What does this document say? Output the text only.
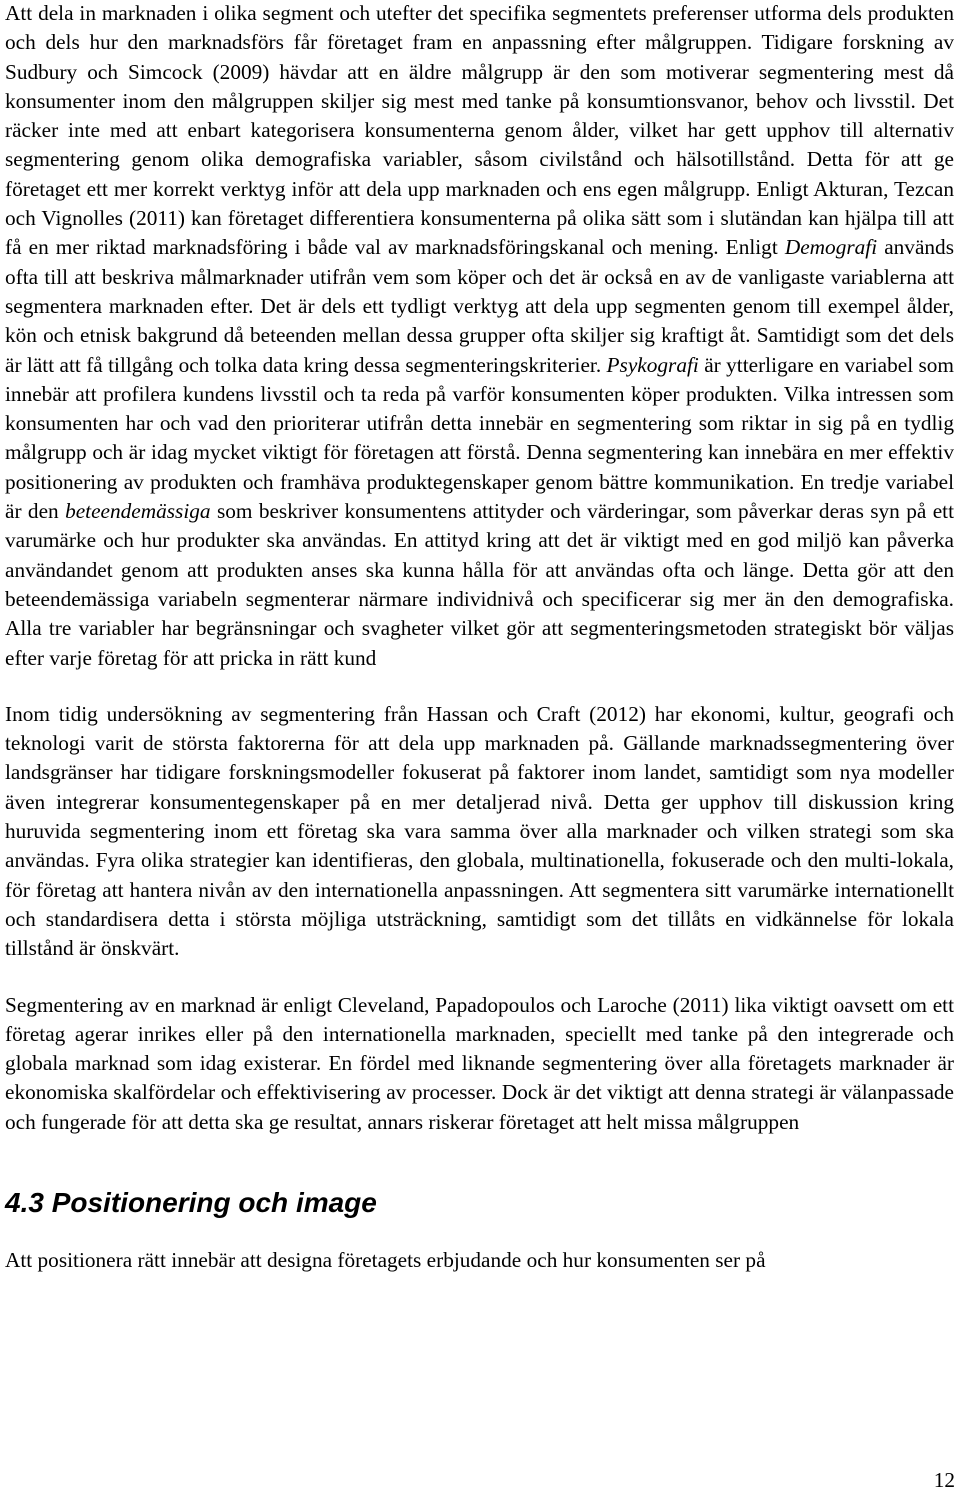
Att dela in marknaden i olika segment och utefter det specifika segmentets preferenser utforma dels produkten och dels hur den marknadsförs får företaget fram en anpassning efter målgruppen. Tidigare forskning av Sudbury och Simcock (2009) hävdar att en äldre målgrupp är den som motiverar segmentering mest då konsumenter inom den målgruppen skiljer sig mest med tanke på konsumtionsvanor, behov och livsstil. Det räcker inte med att enbart kategorisera konsumenterna genom ålder, vilket har gett upphov till alternativ segmentering genom olika demografiska variabler, såsom civilstånd och hälsotillstånd. Detta för att ge företaget ett mer korrekt verktyg inför att dela upp marknaden och ens egen målgrupp. Enligt Akturan, Tezcan och Vignolles (2011) kan företaget differentiera konsumenterna på olika sätt som i slutändan kan hjälpa till att få en mer riktad marknadsföring i både val av marknadsföringskanal och mening. Enligt Demografi används ofta till att beskriva målmarknader utifrån vem som köper och det är också en av de vanligaste variablerna att segmentera marknaden efter. Det är dels ett tydligt verktyg att dela upp segmenten genom till exempel ålder, kön och etnisk bakgrund då beteenden mellan dessa grupper ofta skiljer sig kraftigt åt. Samtidigt som det dels är lätt att få tillgång och tolka data kring dessa segmenteringskriterier. Psykografi är ytterligare en variabel som innebär att profilera kundens livsstil och ta reda på varför konsumenten köper produkten. Vilka intressen som konsumenten har och vad den prioriterar utifrån detta innebär en segmentering som riktar in sig på en tydlig målgrupp och är idag mycket viktigt för företagen att förstå. Denna segmentering kan innebära en mer effektiv positionering av produkten och framhäva produktegenskaper genom bättre kommunikation. En tredje variabel är den beteendemässiga som beskriver konsumentens attityder och värderingar, som påverkar deras syn på ett varumärke och hur produkter ska användas. En attityd kring att det är viktigt med en god miljö kan påverka användandet genom att produkten anses ska kunna hålla för att användas ofta och länge. Detta gör att den beteendemässiga variabeln segmenterar närmare individnivå och specificerar sig mer än den demografiska. Alla tre variabler har begränsningar och svagheter vilket gör att segmenteringsmetoden strategiskt bör väljas efter varje företag för att pricka in rätt kund

Inom tidig undersökning av segmentering från Hassan och Craft (2012) har ekonomi, kultur, geografi och teknologi varit de största faktorerna för att dela upp marknaden på. Gällande marknadssegmentering över landsgränser har tidigare forskningsmodeller fokuserat på faktorer inom landet, samtidigt som nya modeller även integrerar konsumentegenskaper på en mer detaljerad nivå. Detta ger upphov till diskussion kring huruvida segmentering inom ett företag ska vara samma över alla marknader och vilken strategi som ska användas. Fyra olika strategier kan identifieras, den globala, multinationella, fokuserade och den multi-lokala, för företag att hantera nivån av den internationella anpassningen. Att segmentera sitt varumärke internationellt och standardisera detta i största möjliga utsträckning, samtidigt som det tillåts en vidkännelse för lokala tillstånd är önskvärt.

Segmentering av en marknad är enligt Cleveland, Papadopoulos och Laroche (2011) lika viktigt oavsett om ett företag agerar inrikes eller på den internationella marknaden, speciellt med tanke på den integrerade och globala marknad som idag existerar. En fördel med liknande segmentering över alla företagets marknader är ekonomiska skalfördelar och effektivisering av processer. Dock är det viktigt att denna strategi är välanpassade och fungerade för att detta ska ge resultat, annars riskerar företaget att helt missa målgruppen

4.3 Positionering och image

Att positionera rätt innebär att designa företagets erbjudande och hur konsumenten ser på

12
